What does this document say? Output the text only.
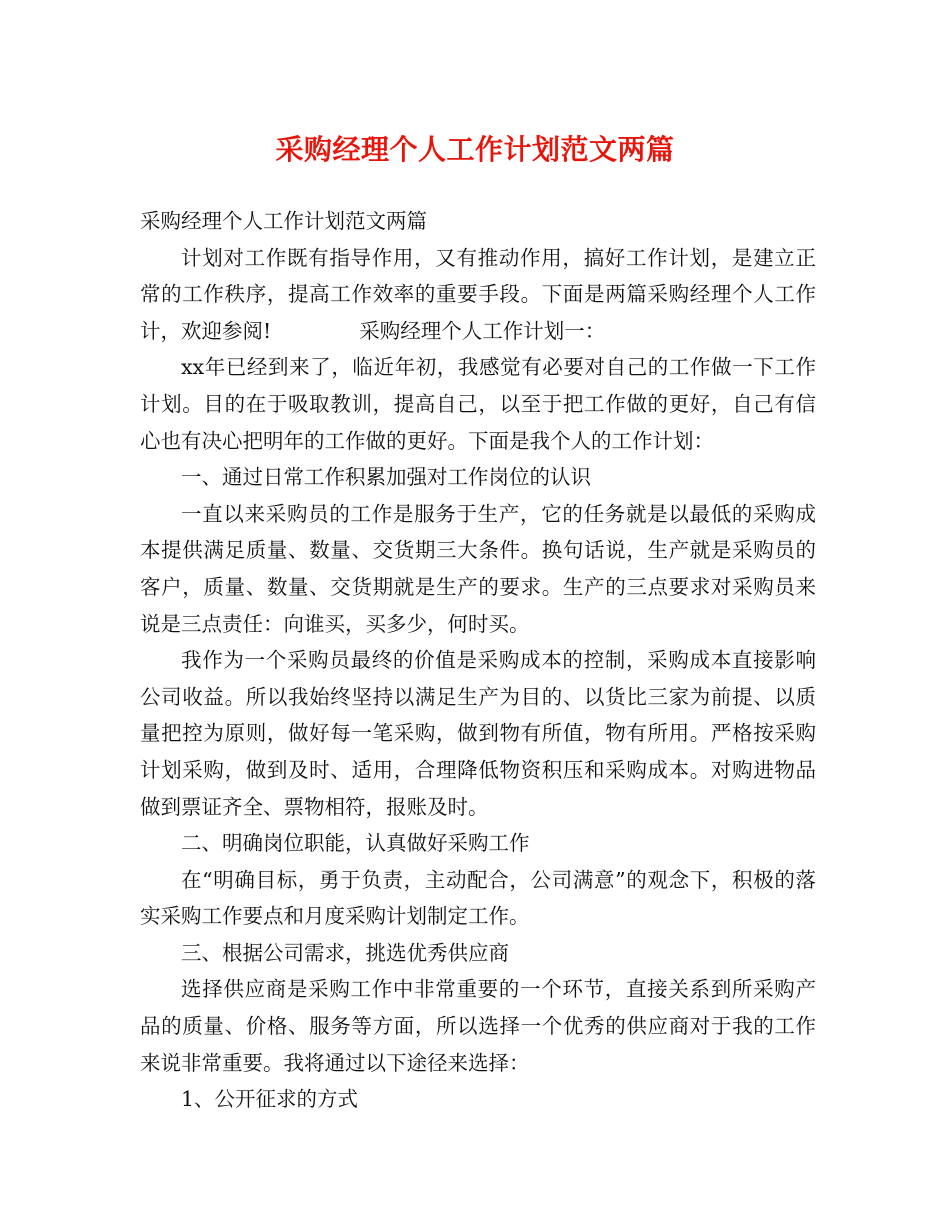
采购经理个人工作计划范文两篇

采购经理个人工作计划范文两篇

计划对工作既有指导作用，又有推动作用，搞好工作计划，是建立正常的工作秩序，提高工作效率的重要手段。下面是两篇采购经理个人工作计，欢迎参阅!	采购经理个人工作计划一：

xx年已经到来了，临近年初，我感觉有必要对自己的工作做一下工作计划。目的在于吸取教训，提高自己，以至于把工作做的更好，自己有信心也有决心把明年的工作做的更好。下面是我个人的工作计划：

一、通过日常工作积累加强对工作岗位的认识

一直以来采购员的工作是服务于生产，它的任务就是以最低的采购成本提供满足质量、数量、交货期三大条件。换句话说，生产就是采购员的客户，质量、数量、交货期就是生产的要求。生产的三点要求对采购员来说是三点责任：向谁买，买多少，何时买。

我作为一个采购员最终的价值是采购成本的控制，采购成本直接影响公司收益。所以我始终坚持以满足生产为目的、以货比三家为前提、以质量把控为原则，做好每一笔采购，做到物有所值，物有所用。严格按采购计划采购，做到及时、适用，合理降低物资积压和采购成本。对购进物品做到票证齐全、票物相符，报账及时。

二、明确岗位职能，认真做好采购工作

在“明确目标，勇于负责，主动配合，公司满意”的观念下，积极的落实采购工作要点和月度采购计划制定工作。

三、根据公司需求，挑选优秀供应商

选择供应商是采购工作中非常重要的一个环节，直接关系到所采购产品的质量、价格、服务等方面，所以选择一个优秀的供应商对于我的工作来说非常重要。我将通过以下途径来选择：

1、公开征求的方式
